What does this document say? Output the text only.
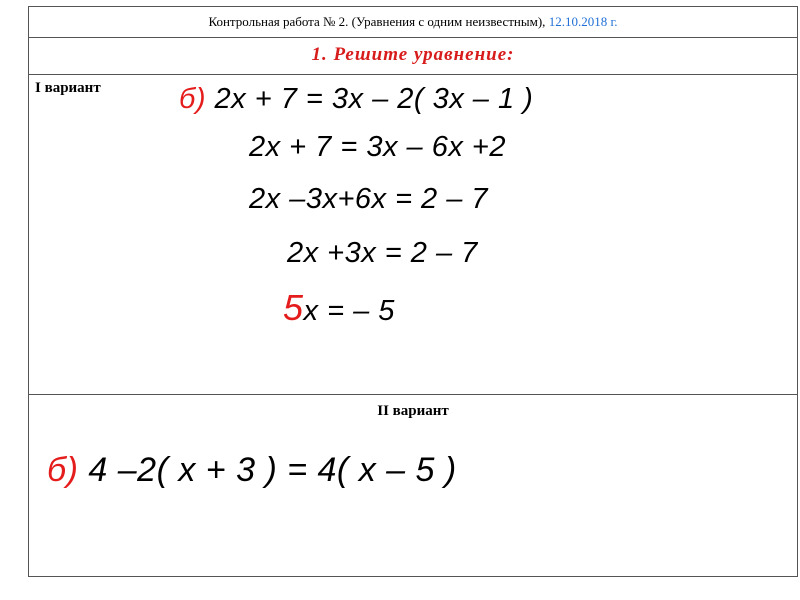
Контрольная работа № 2. (Уравнения с одним неизвестным), 12.10.2018 г.
1. Решите уравнение:
I вариант	б) 2x + 7 = 3x – 2( 3x – 1 )
2x + 7 = 3x – 6x +2
2x –3x+6x = 2 – 7
2x +3x = 2 – 7
5x = – 5
II вариант
б) 4 –2( x + 3 ) = 4( x – 5 )
